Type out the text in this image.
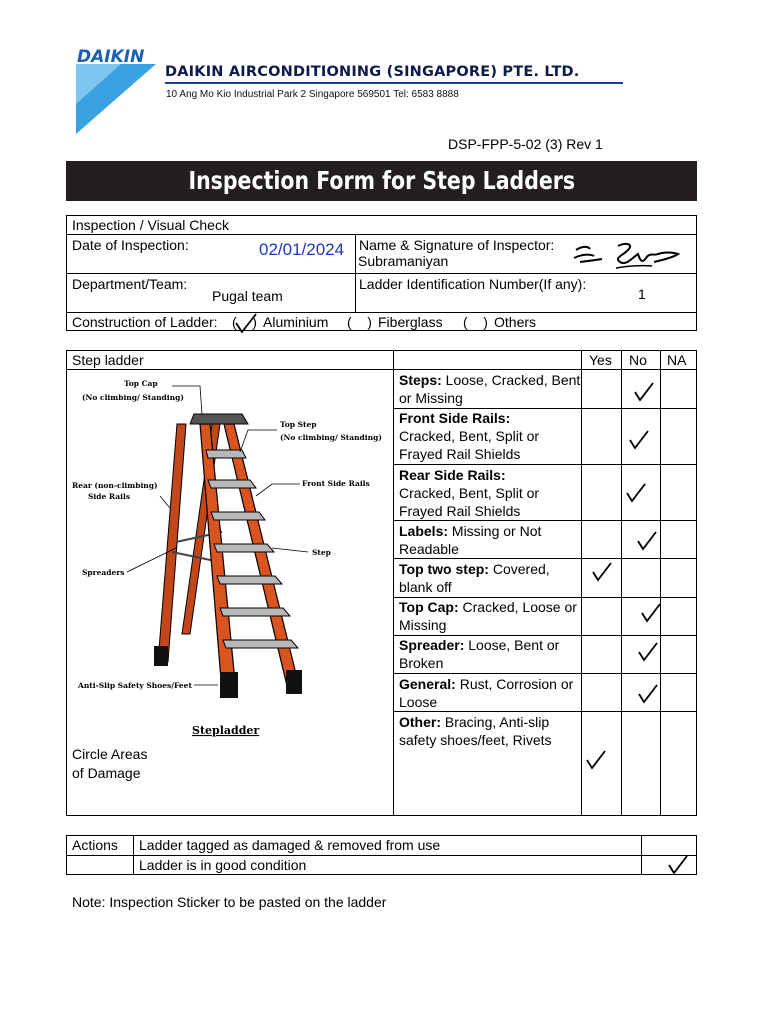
DAIKIN
DAIKIN AIRCONDITIONING (SINGAPORE) PTE. LTD.
10 Ang Mo Kio Industrial Park 2 Singapore 569501 Tel: 6583 8888
DSP-FPP-5-02 (3) Rev 1
Inspection Form for Step Ladders
Inspection / Visual Check
Date of Inspection:	02/01/2024 Name & Signature of Inspector:
Subramaniyan
Department/Team:
Pugal team
Ladder Identification Number(If any):
1
Construction of Ladder: (    ) Aluminium (    ) Fiberglass (    ) Others
Step ladder	Yes No NA
Steps: Loose, Cracked, Bent or Missing
Front Side Rails:
Cracked, Bent, Split or Frayed Rail Shields
Rear Side Rails:
Cracked, Bent, Split or Frayed Rail Shields
Labels: Missing or Not Readable
Top two step: Covered, blank off
Top Cap: Cracked, Loose or Missing
Spreader: Loose, Bent or Broken
General: Rust, Corrosion or Loose
Other: Bracing, Anti-slip safety shoes/feet, Rivets
Circle Areas
of Damage
Top Cap
(No climbing/ Standing)
Top Step
(No climbing/ Standing)
Rear (non-climbing)
Side Rails
Front Side Rails
Step
Spreaders
Anti-Slip Safety Shoes/Feet
Stepladder
Actions Ladder tagged as damaged & removed from use
Ladder is in good condition
Note: Inspection Sticker to be pasted on the ladder
